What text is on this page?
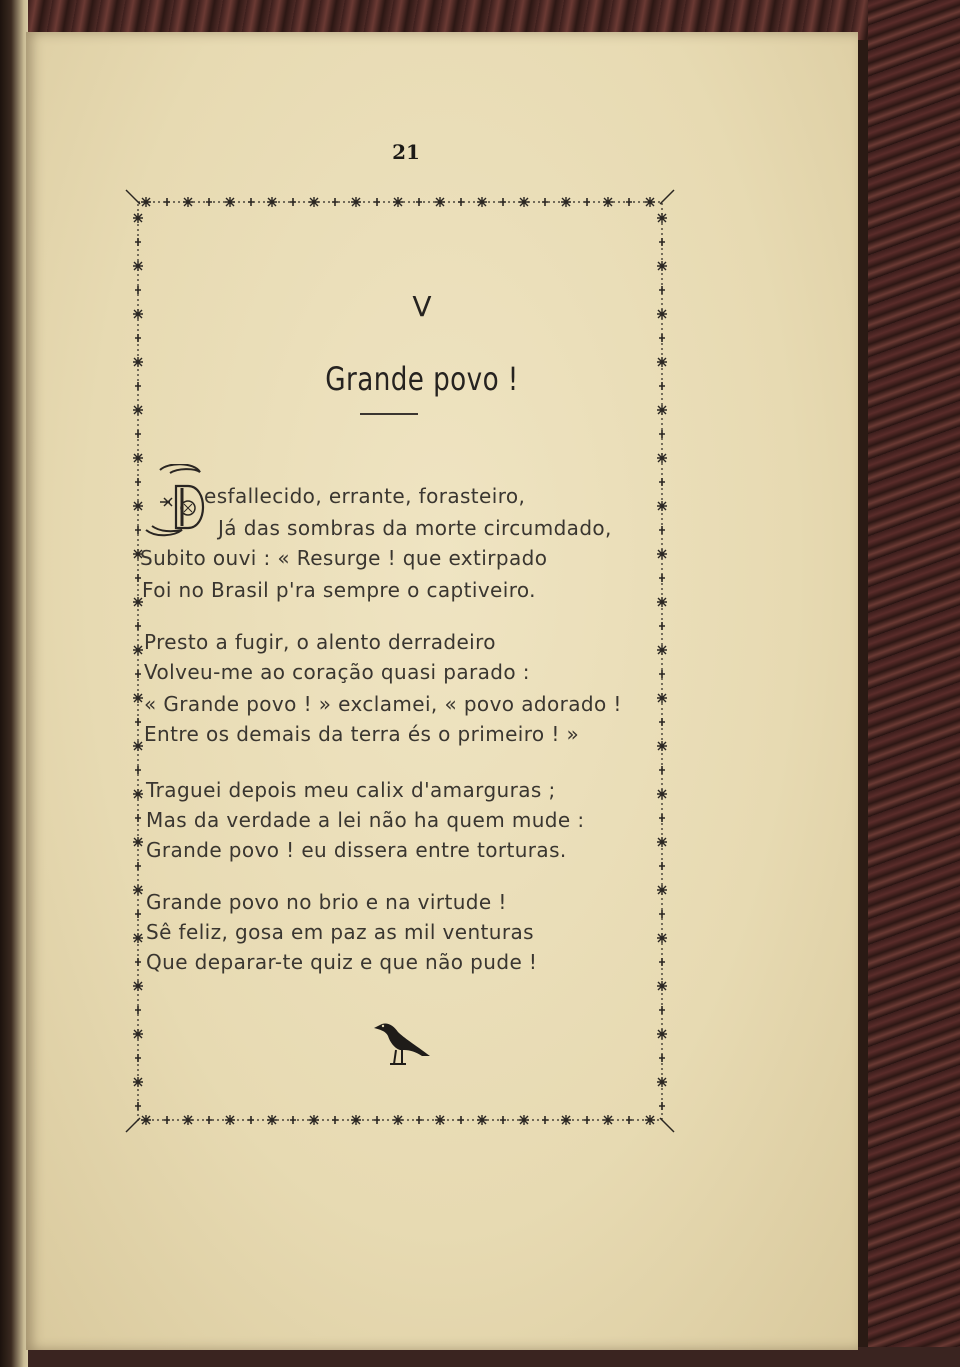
21
V
Grande povo !
esfallecido, errante, forasteiro,
Já das sombras da morte circumdado,
Subito ouvi : « Resurge ! que extirpado
Foi no Brasil p'ra sempre o captiveiro.
Presto a fugir, o alento derradeiro
Volveu-me ao coração quasi parado :
« Grande povo ! » exclamei, « povo adorado !
Entre os demais da terra és o primeiro ! »
Traguei depois meu calix d'amarguras ;
Mas da verdade a lei não ha quem mude :
Grande povo ! eu dissera entre torturas.
Grande povo no brio e na virtude !
Sê feliz, gosa em paz as mil venturas
Que deparar-te quiz e que não pude !
